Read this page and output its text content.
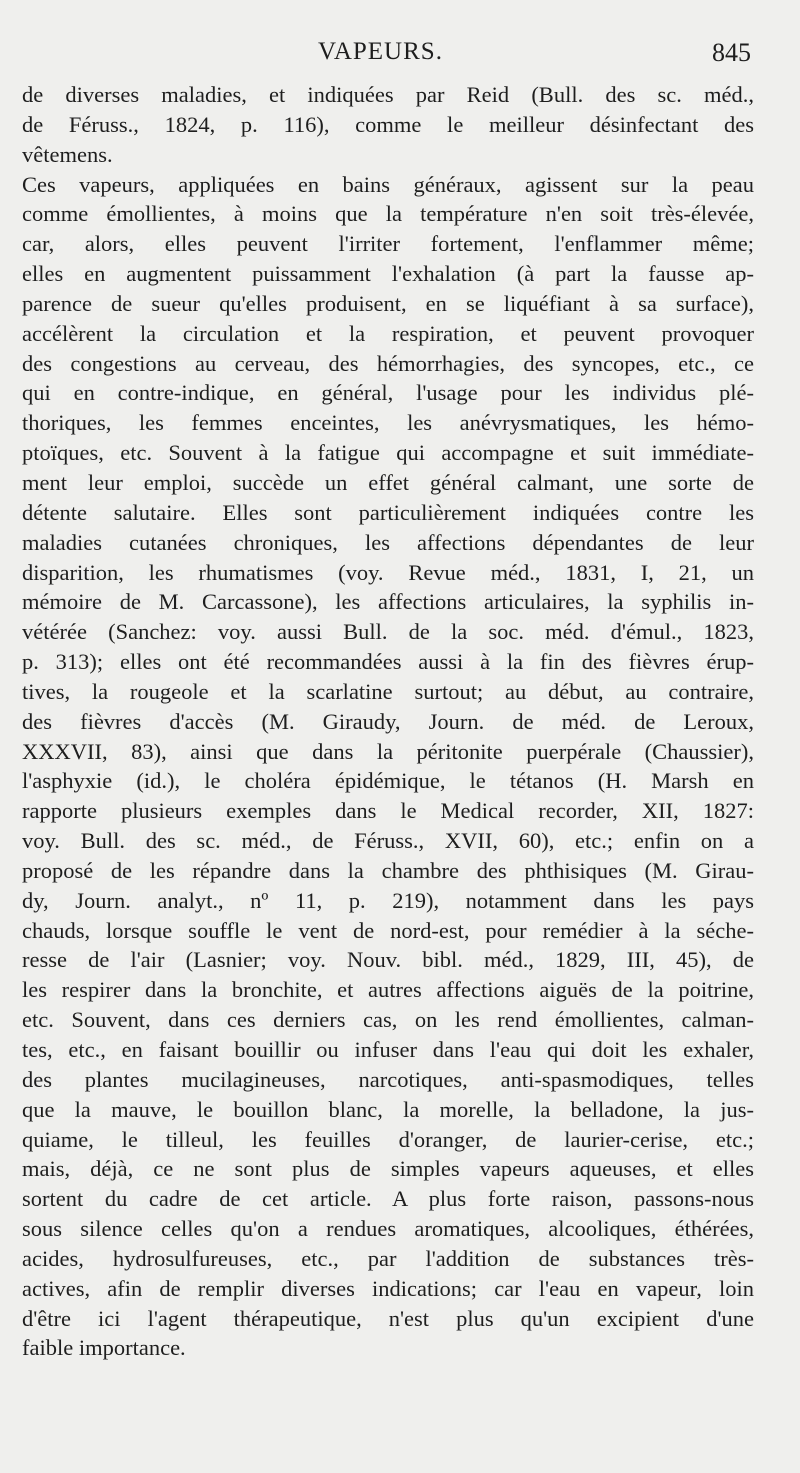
VAPEURS.	845
de diverses maladies, et indiquées par Reid (Bull. des sc. méd.,
de Féruss., 1824, p. 116), comme le meilleur désinfectant des
vêtemens.
Ces vapeurs, appliquées en bains généraux, agissent sur la peau
comme émollientes, à moins que la température n'en soit très-élevée,
car, alors, elles peuvent l'irriter fortement, l'enflammer même;
elles en augmentent puissamment l'exhalation (à part la fausse ap-
parence de sueur qu'elles produisent, en se liquéfiant à sa surface),
accélèrent la circulation et la respiration, et peuvent provoquer
des congestions au cerveau, des hémorrhagies, des syncopes, etc., ce
qui en contre-indique, en général, l'usage pour les individus plé-
thoriques, les femmes enceintes, les anévrysmatiques, les hémo-
ptoïques, etc. Souvent à la fatigue qui accompagne et suit immédiate-
ment leur emploi, succède un effet général calmant, une sorte de
détente salutaire. Elles sont particulièrement indiquées contre les
maladies cutanées chroniques, les affections dépendantes de leur
disparition, les rhumatismes (voy. Revue méd., 1831, I, 21, un
mémoire de M. Carcassone), les affections articulaires, la syphilis in-
vétérée (Sanchez: voy. aussi Bull. de la soc. méd. d'émul., 1823,
p. 313); elles ont été recommandées aussi à la fin des fièvres érup-
tives, la rougeole et la scarlatine surtout; au début, au contraire,
des fièvres d'accès (M. Giraudy, Journ. de méd. de Leroux,
XXXVII, 83), ainsi que dans la péritonite puerpérale (Chaussier),
l'asphyxie (id.), le choléra épidémique, le tétanos (H. Marsh en
rapporte plusieurs exemples dans le Medical recorder, XII, 1827:
voy. Bull. des sc. méd., de Féruss., XVII, 60), etc.; enfin on a
proposé de les répandre dans la chambre des phthisiques (M. Girau-
dy, Journ. analyt., nº 11, p. 219), notamment dans les pays
chauds, lorsque souffle le vent de nord-est, pour remédier à la séche-
resse de l'air (Lasnier; voy. Nouv. bibl. méd., 1829, III, 45), de
les respirer dans la bronchite, et autres affections aiguës de la poitrine,
etc. Souvent, dans ces derniers cas, on les rend émollientes, calman-
tes, etc., en faisant bouillir ou infuser dans l'eau qui doit les exhaler,
des plantes mucilagineuses, narcotiques, anti-spasmodiques, telles
que la mauve, le bouillon blanc, la morelle, la belladone, la jus-
quiame, le tilleul, les feuilles d'oranger, de laurier-cerise, etc.;
mais, déjà, ce ne sont plus de simples vapeurs aqueuses, et elles
sortent du cadre de cet article. A plus forte raison, passons-nous
sous silence celles qu'on a rendues aromatiques, alcooliques, éthérées,
acides, hydrosulfureuses, etc., par l'addition de substances très-
actives, afin de remplir diverses indications; car l'eau en vapeur, loin
d'être ici l'agent thérapeutique, n'est plus qu'un excipient d'une
faible importance.
